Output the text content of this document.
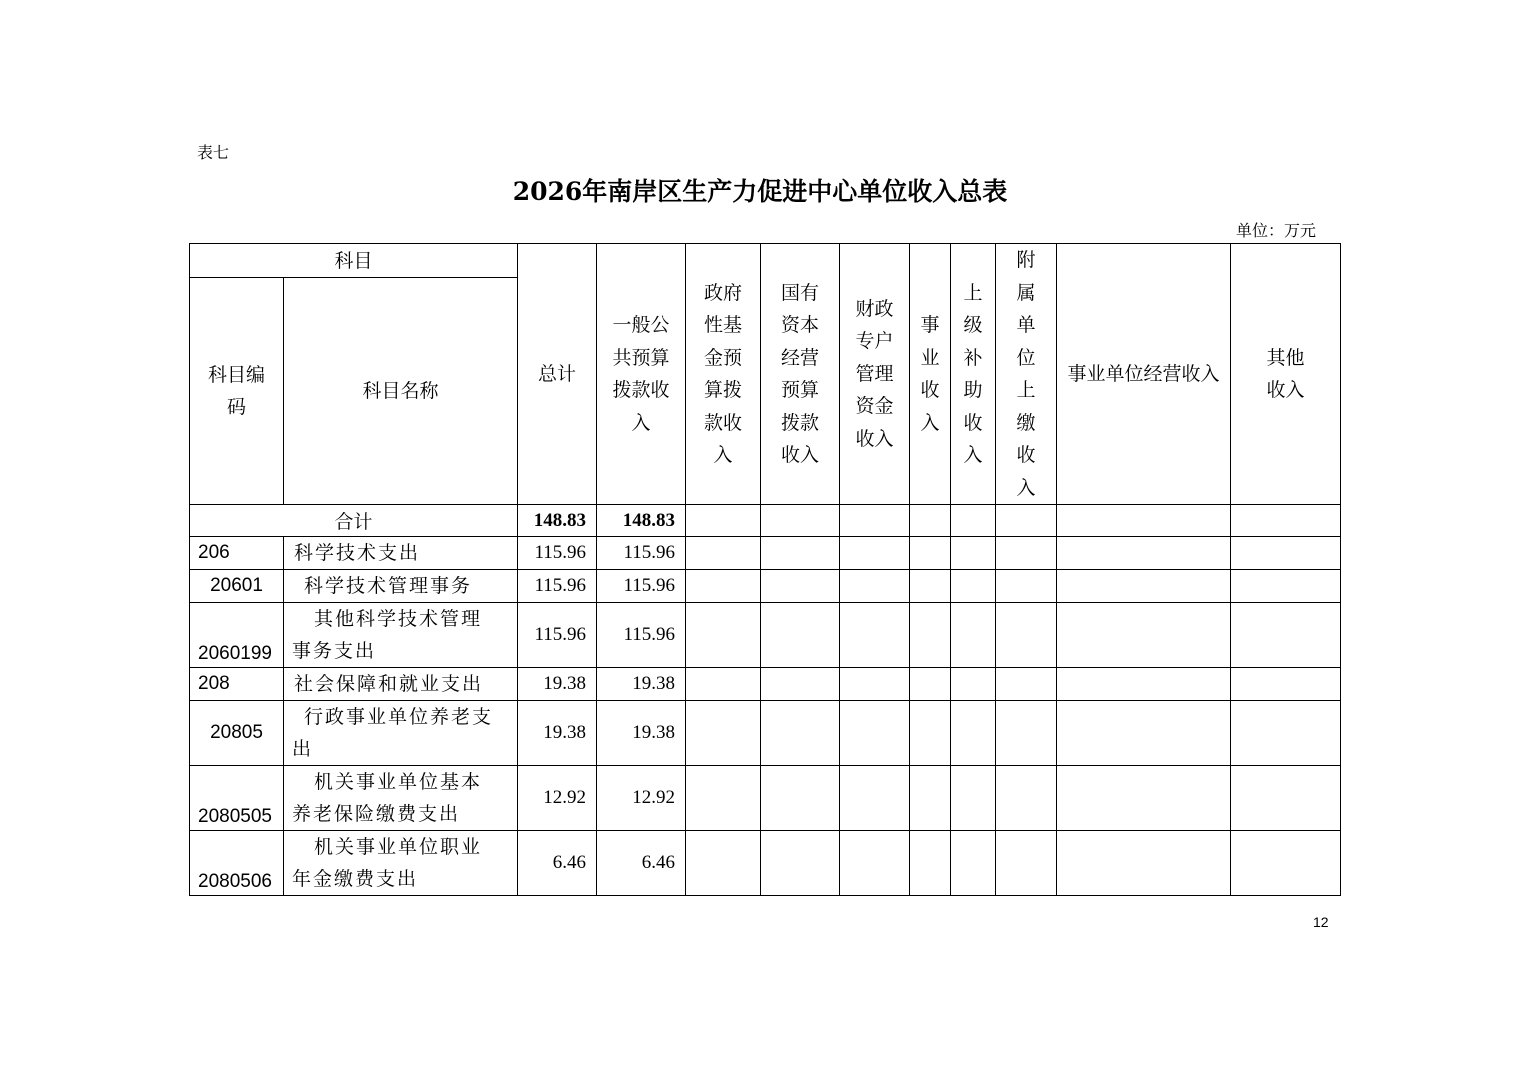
表七
2026年南岸区生产力促进中心单位收入总表
单位：万元
科目		总计	一般公共预算拨款收入	政府性基金预算拨款收入	国有资本经营预算拨款收入	财政专户管理资金收入	事业收入	上级补助收入	附属单位上缴收入	事业单位经营收入	其他收入
科目编码	科目名称										
合计		148.83	148.83								
206	科学技术支出	115.96	115.96								
20601	科学技术管理事务	115.96	115.96								
2060199	其他科学技术管理
事务支出	115.96	115.96								
208	社会保障和就业支出	19.38	19.38								
20805	行政事业单位养老支
出	19.38	19.38								
2080505	机关事业单位基本
养老保险缴费支出	12.92	12.92								
2080506	机关事业单位职业
年金缴费支出	6.46	6.46								
12
